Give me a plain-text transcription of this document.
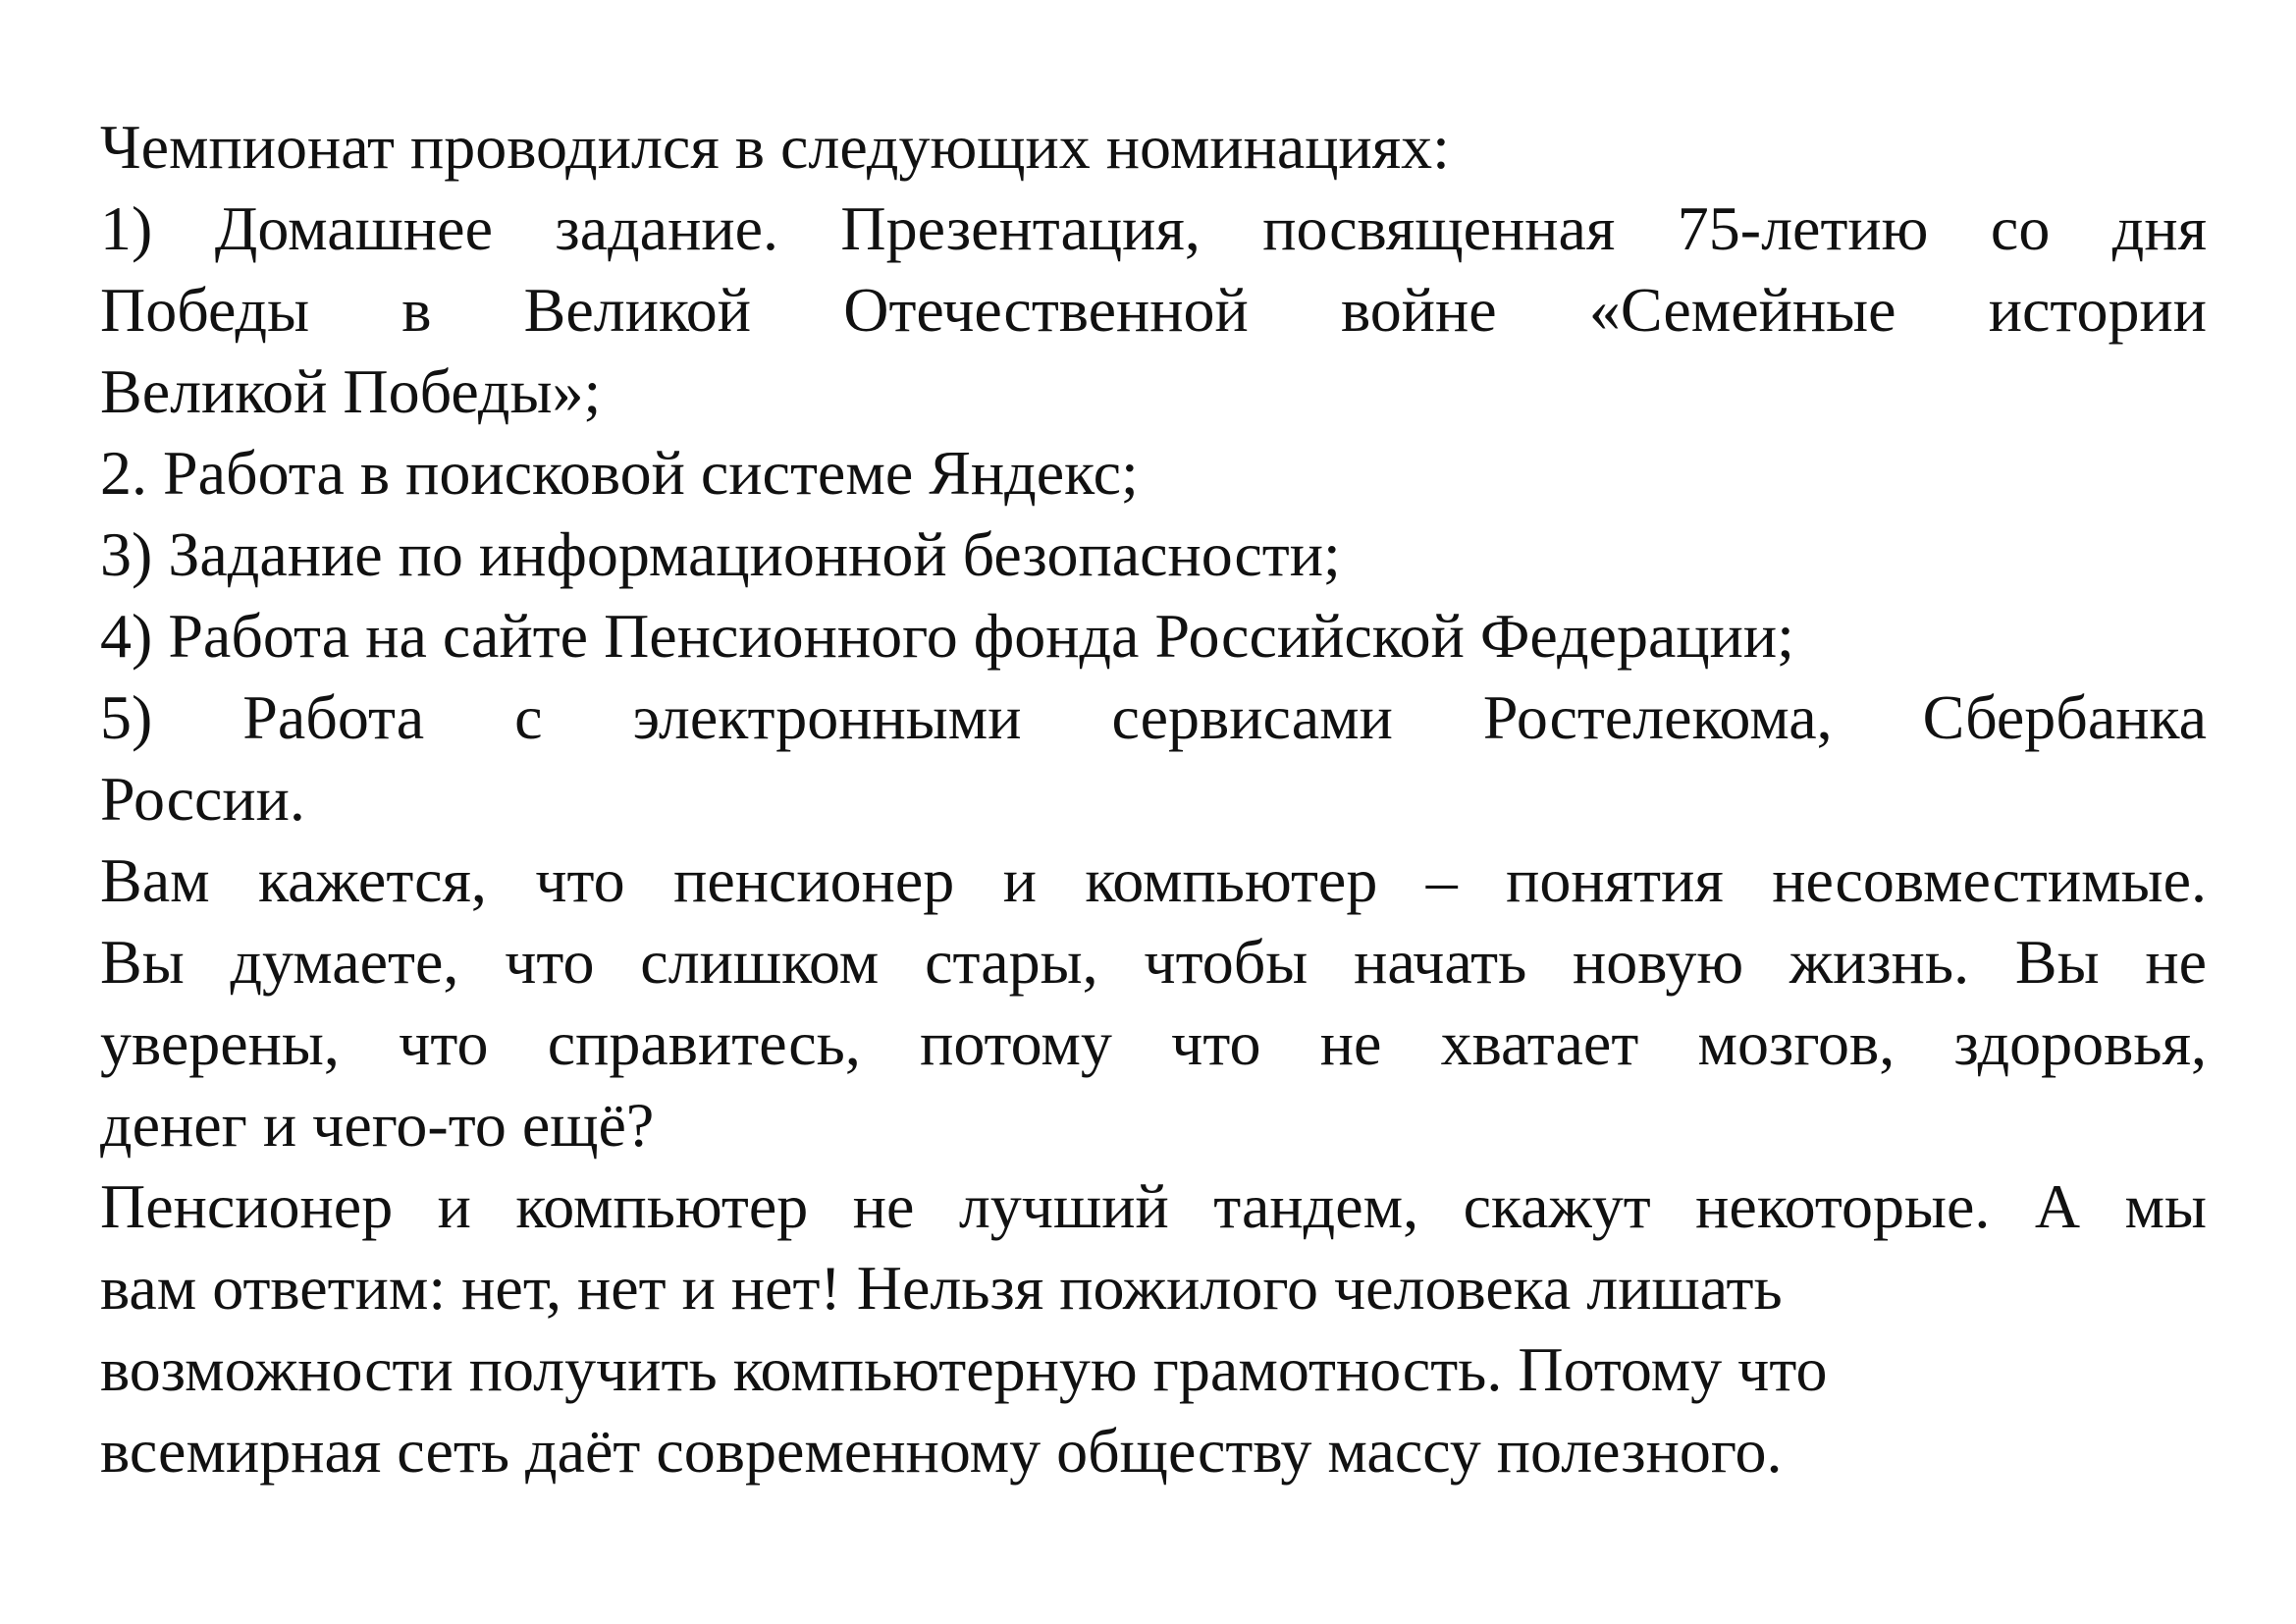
Чемпионат проводился в следующих номинациях:
1) Домашнее задание. Презентация, посвященная 75-летию со дня
Победы в Великой Отечественной войне «Семейные истории
Великой Победы»;
2. Работа в поисковой системе Яндекс;
3) Задание по информационной безопасности;
4) Работа на сайте Пенсионного фонда Российской Федерации;
5) Работа с электронными сервисами Ростелекома, Сбербанка
России.
Вам кажется, что пенсионер и компьютер – понятия несовместимые.
Вы думаете, что слишком стары, чтобы начать новую жизнь. Вы не
уверены, что справитесь, потому что не хватает мозгов, здоровья,
денег и чего-то ещё?
Пенсионер и компьютер не лучший тандем, скажут некоторые. А мы
вам ответим: нет, нет и нет! Нельзя пожилого человека лишать
возможности получить компьютерную грамотность. Потому что
всемирная сеть даёт современному обществу массу полезного.
